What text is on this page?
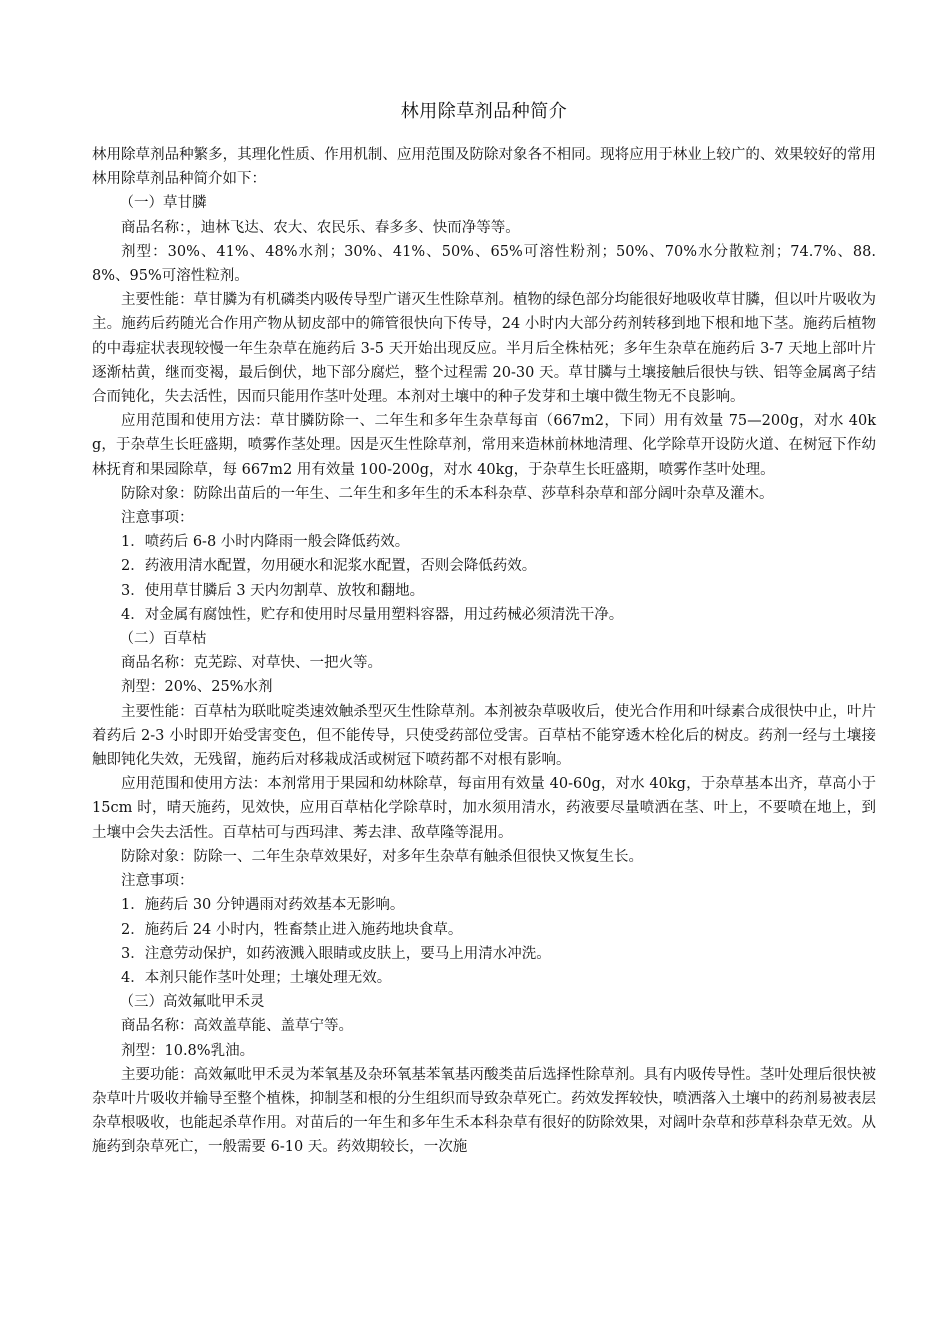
林用除草剂品种简介

林用除草剂品种繁多，其理化性质、作用机制、应用范围及防除对象各不相同。现将应用于林业上较广的、效果较好的常用林用除草剂品种简介如下：

（一）草甘膦

商品名称：，迪林飞达、农大、农民乐、春多多、快而净等等。

剂型：30%、41%、48%水剂；30%、41%、50%、65%可溶性粉剂；50%、70%水分散粒剂；74.7%、88.8%、95%可溶性粒剂。

主要性能：草甘膦为有机磷类内吸传导型广谱灭生性除草剂。植物的绿色部分均能很好地吸收草甘膦，但以叶片吸收为主。施药后药随光合作用产物从韧皮部中的筛管很快向下传导，24 小时内大部分药剂转移到地下根和地下茎。施药后植物的中毒症状表现较慢一年生杂草在施药后 3-5 天开始出现反应。半月后全株枯死；多年生杂草在施药后 3-7 天地上部叶片逐渐枯黄，继而变褐，最后倒伏，地下部分腐烂，整个过程需 20-30 天。草甘膦与土壤接触后很快与铁、铝等金属离子结合而钝化，失去活性，因而只能用作茎叶处理。本剂对土壤中的种子发芽和土壤中微生物无不良影响。

应用范围和使用方法：草甘膦防除一、二年生和多年生杂草每亩（667m2，下同）用有效量 75—200g，对水 40kg，于杂草生长旺盛期，喷雾作茎处理。因是灭生性除草剂，常用来造林前林地清理、化学除草开设防火道、在树冠下作幼林抚育和果园除草，每 667m2 用有效量 100-200g，对水 40kg，于杂草生长旺盛期，喷雾作茎叶处理。

防除对象：防除出苗后的一年生、二年生和多年生的禾本科杂草、莎草科杂草和部分阔叶杂草及灌木。

注意事项：

1．喷药后 6-8 小时内降雨一般会降低药效。

2．药液用清水配置，勿用硬水和泥浆水配置，否则会降低药效。

3．使用草甘膦后 3 天内勿割草、放牧和翻地。

4．对金属有腐蚀性，贮存和使用时尽量用塑料容器，用过药械必须清洗干净。

（二）百草枯

商品名称：克芜踪、对草快、一把火等。

剂型：20%、25%水剂

主要性能：百草枯为联吡啶类速效触杀型灭生性除草剂。本剂被杂草吸收后，使光合作用和叶绿素合成很快中止，叶片着药后 2-3 小时即开始受害变色，但不能传导，只使受药部位受害。百草枯不能穿透木栓化后的树皮。药剂一经与土壤接触即钝化失效，无残留，施药后对移栽成活或树冠下喷药都不对根有影响。

应用范围和使用方法：本剂常用于果园和幼林除草，每亩用有效量 40-60g，对水 40kg，于杂草基本出齐，草高小于 15cm 时，晴天施药，见效快，应用百草枯化学除草时，加水须用清水，药液要尽量喷洒在茎、叶上，不要喷在地上，到土壤中会失去活性。百草枯可与西玛津、莠去津、敌草隆等混用。

防除对象：防除一、二年生杂草效果好，对多年生杂草有触杀但很快又恢复生长。

注意事项：

1．施药后 30 分钟遇雨对药效基本无影响。

2．施药后 24 小时内，牲畜禁止进入施药地块食草。

3．注意劳动保护，如药液溅入眼睛或皮肤上，要马上用清水冲洗。

4．本剂只能作茎叶处理；土壤处理无效。

（三）高效氟吡甲禾灵

商品名称：高效盖草能、盖草宁等。

剂型：10.8%乳油。

主要功能：高效氟吡甲禾灵为苯氧基及杂环氧基苯氧基丙酸类苗后选择性除草剂。具有内吸传导性。茎叶处理后很快被杂草叶片吸收并输导至整个植株，抑制茎和根的分生组织而导致杂草死亡。药效发挥较快，喷洒落入土壤中的药剂易被表层杂草根吸收，也能起杀草作用。对苗后的一年生和多年生禾本科杂草有很好的防除效果，对阔叶杂草和莎草科杂草无效。从施药到杂草死亡，一般需要 6-10 天。药效期较长，一次施
